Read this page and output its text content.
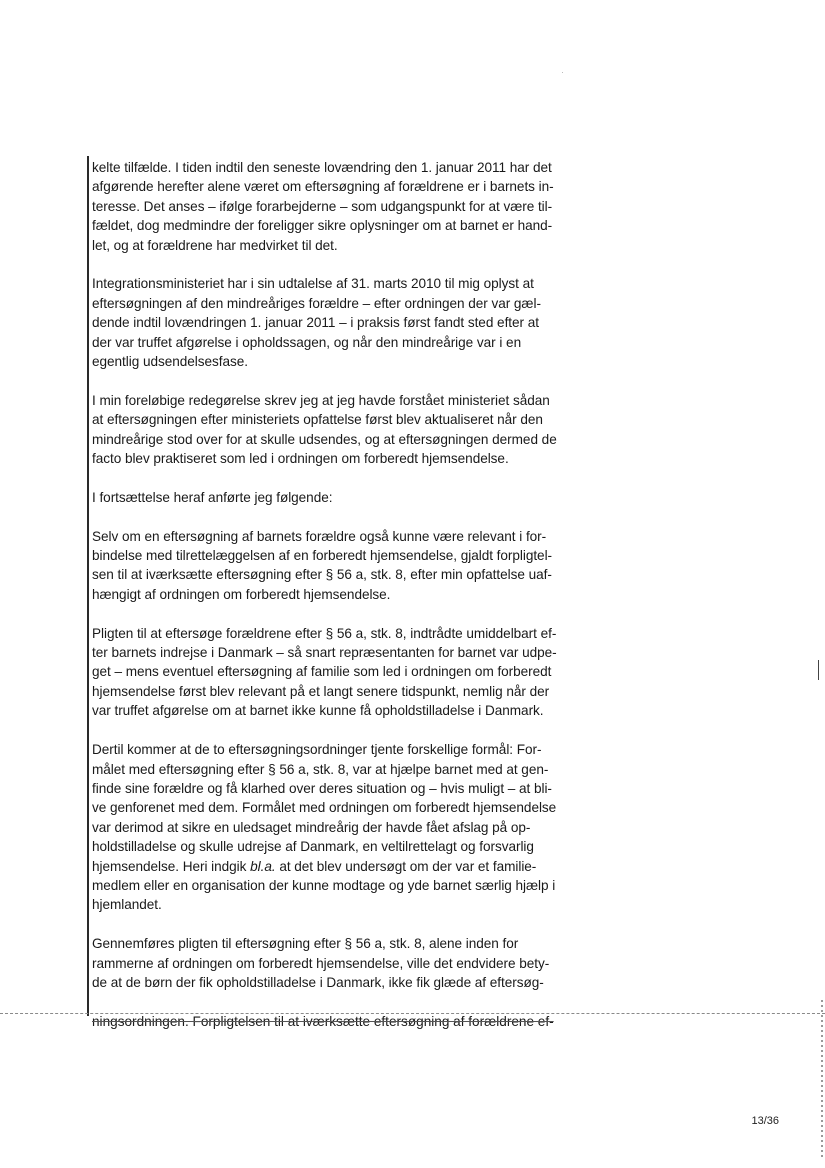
kelte tilfælde. I tiden indtil den seneste lovændring den 1. januar 2011 har det
afgørende herefter alene været om eftersøgning af forældrene er i barnets in-
teresse. Det anses – ifølge forarbejderne – som udgangspunkt for at være til-
fældet, dog medmindre der foreligger sikre oplysninger om at barnet er hand-
let, og at forældrene har medvirket til det.
Integrationsministeriet har i sin udtalelse af 31. marts 2010 til mig oplyst at
eftersøgningen af den mindreåriges forældre – efter ordningen der var gæl-
dende indtil lovændringen 1. januar 2011 – i praksis først fandt sted efter at
der var truffet afgørelse i opholdssagen, og når den mindreårige var i en
egentlig udsendelsesfase.
I min foreløbige redegørelse skrev jeg at jeg havde forstået ministeriet sådan
at eftersøgningen efter ministeriets opfattelse først blev aktualiseret når den
mindreårige stod over for at skulle udsendes, og at eftersøgningen dermed de
facto blev praktiseret som led i ordningen om forberedt hjemsendelse.
I fortsættelse heraf anførte jeg følgende:
Selv om en eftersøgning af barnets forældre også kunne være relevant i for-
bindelse med tilrettelæggelsen af en forberedt hjemsendelse, gjaldt forpligtel-
sen til at iværksætte eftersøgning efter § 56 a, stk. 8, efter min opfattelse uaf-
hængigt af ordningen om forberedt hjemsendelse.
Pligten til at eftersøge forældrene efter § 56 a, stk. 8, indtrådte umiddelbart ef-
ter barnets indrejse i Danmark – så snart repræsentanten for barnet var udpe-
get – mens eventuel eftersøgning af familie som led i ordningen om forberedt
hjemsendelse først blev relevant på et langt senere tidspunkt, nemlig når der
var truffet afgørelse om at barnet ikke kunne få opholdstilladelse i Danmark.
Dertil kommer at de to eftersøgningsordninger tjente forskellige formål: For-
målet med eftersøgning efter § 56 a, stk. 8, var at hjælpe barnet med at gen-
finde sine forældre og få klarhed over deres situation og – hvis muligt – at bli-
ve genforenet med dem. Formålet med ordningen om forberedt hjemsendelse
var derimod at sikre en uledsaget mindreårig der havde fået afslag på op-
holdstilladelse og skulle udrejse af Danmark, en veltilrettelagt og forsvarlig
hjemsendelse. Heri indgik bl.a. at det blev undersøgt om der var et familie-
medlem eller en organisation der kunne modtage og yde barnet særlig hjælp i
hjemlandet.
Gennemføres pligten til eftersøgning efter § 56 a, stk. 8, alene inden for
rammerne af ordningen om forberedt hjemsendelse, ville det endvidere bety-
de at de børn der fik opholdstilladelse i Danmark, ikke fik glæde af eftersøg-
ningsordningen. Forpligtelsen til at iværksætte eftersøgning af forældrene ef-
13/36
